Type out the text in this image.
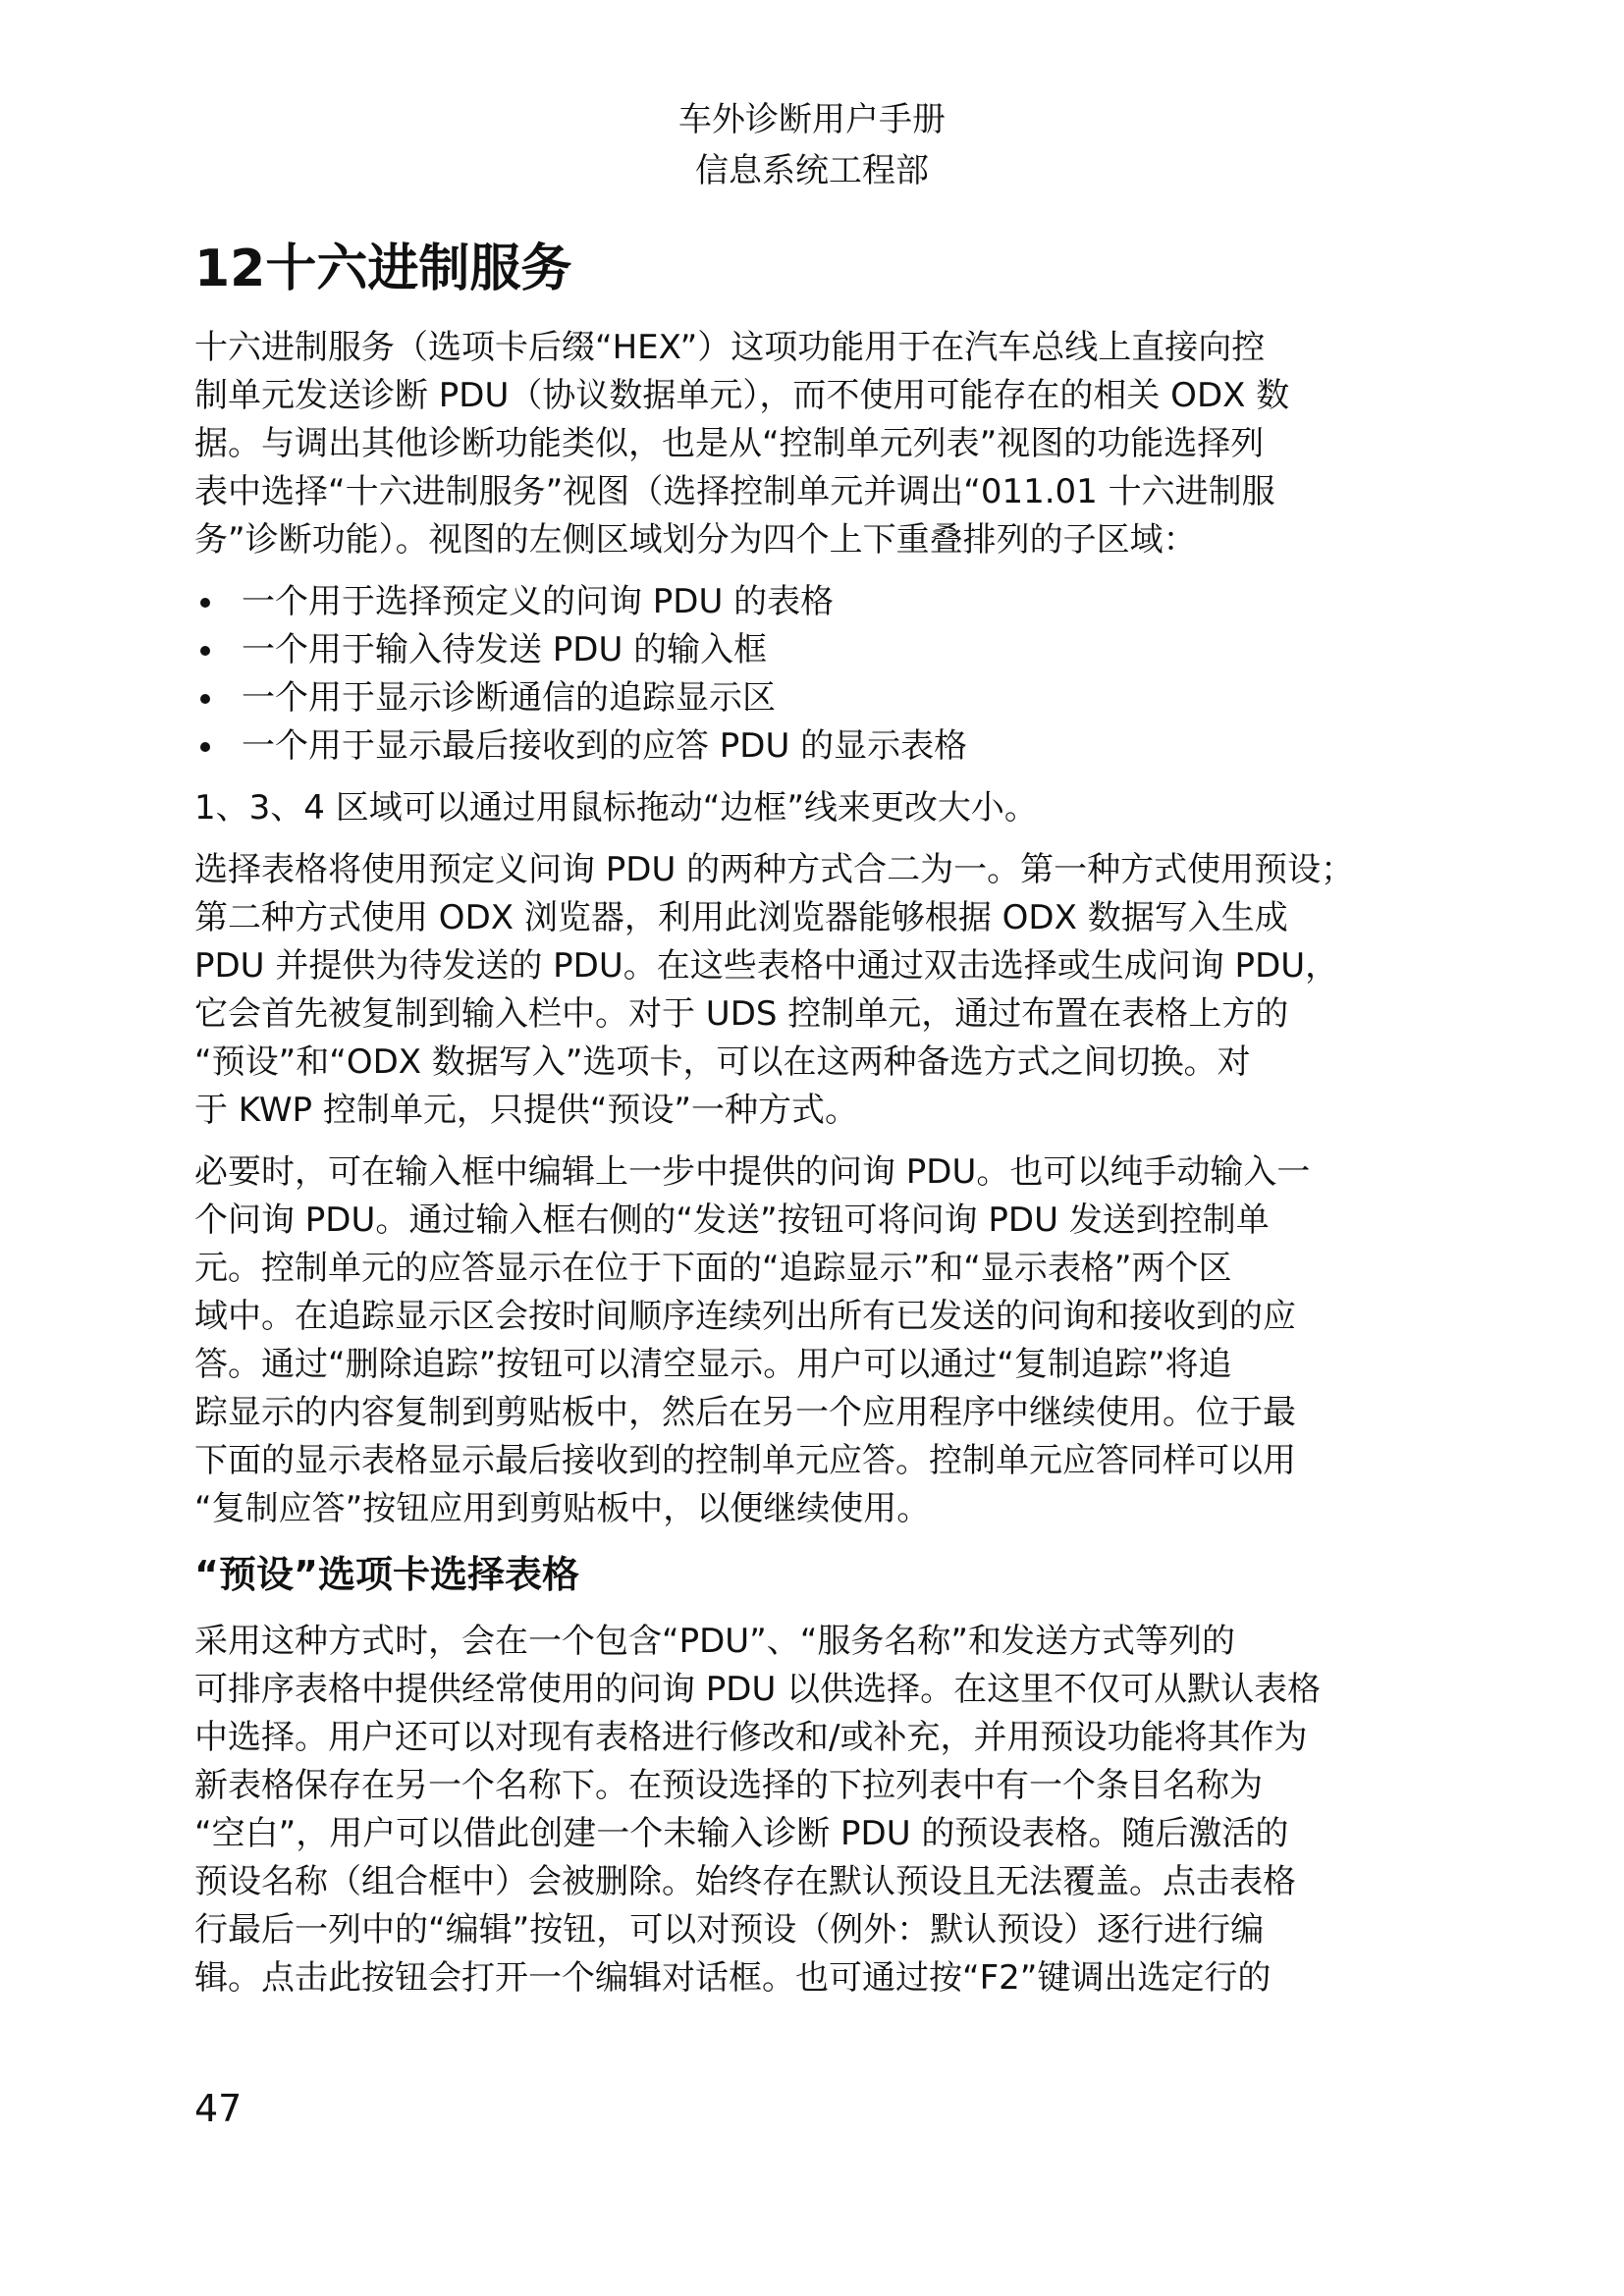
车外诊断用户手册
信息系统工程部
12十六进制服务

十六进制服务（选项卡后缀“HEX”）这项功能用于在汽车总线上直接向控
制单元发送诊断 PDU（协议数据单元），而不使用可能存在的相关 ODX 数
据。与调出其他诊断功能类似，也是从“控制单元列表”视图的功能选择列
表中选择“十六进制服务”视图（选择控制单元并调出“011.01 十六进制服
务”诊断功能）。视图的左侧区域划分为四个上下重叠排列的子区域：

一个用于选择预定义的问询 PDU 的表格
一个用于输入待发送 PDU 的输入框
一个用于显示诊断通信的追踪显示区
一个用于显示最后接收到的应答 PDU 的显示表格

1、3、4 区域可以通过用鼠标拖动“边框”线来更改大小。

选择表格将使用预定义问询 PDU 的两种方式合二为一。第一种方式使用预设；
第二种方式使用 ODX 浏览器，利用此浏览器能够根据 ODX 数据写入生成
PDU 并提供为待发送的 PDU。在这些表格中通过双击选择或生成问询 PDU，
它会首先被复制到输入栏中。对于 UDS 控制单元，通过布置在表格上方的
“预设”和“ODX 数据写入”选项卡，可以在这两种备选方式之间切换。对
于 KWP 控制单元，只提供“预设”一种方式。

必要时，可在输入框中编辑上一步中提供的问询 PDU。也可以纯手动输入一
个问询 PDU。通过输入框右侧的“发送”按钮可将问询 PDU 发送到控制单
元。控制单元的应答显示在位于下面的“追踪显示”和“显示表格”两个区
域中。在追踪显示区会按时间顺序连续列出所有已发送的问询和接收到的应
答。通过“删除追踪”按钮可以清空显示。用户可以通过“复制追踪”将追
踪显示的内容复制到剪贴板中，然后在另一个应用程序中继续使用。位于最
下面的显示表格显示最后接收到的控制单元应答。控制单元应答同样可以用
“复制应答”按钮应用到剪贴板中，以便继续使用。

“预设”选项卡选择表格

采用这种方式时，会在一个包含“PDU”、“服务名称”和发送方式等列的
可排序表格中提供经常使用的问询 PDU 以供选择。在这里不仅可从默认表格
中选择。用户还可以对现有表格进行修改和/或补充，并用预设功能将其作为
新表格保存在另一个名称下。在预设选择的下拉列表中有一个条目名称为
“空白”，用户可以借此创建一个未输入诊断 PDU 的预设表格。随后激活的
预设名称（组合框中）会被删除。始终存在默认预设且无法覆盖。点击表格
行最后一列中的“编辑”按钮，可以对预设（例外：默认预设）逐行进行编
辑。点击此按钮会打开一个编辑对话框。也可通过按“F2”键调出选定行的

47
